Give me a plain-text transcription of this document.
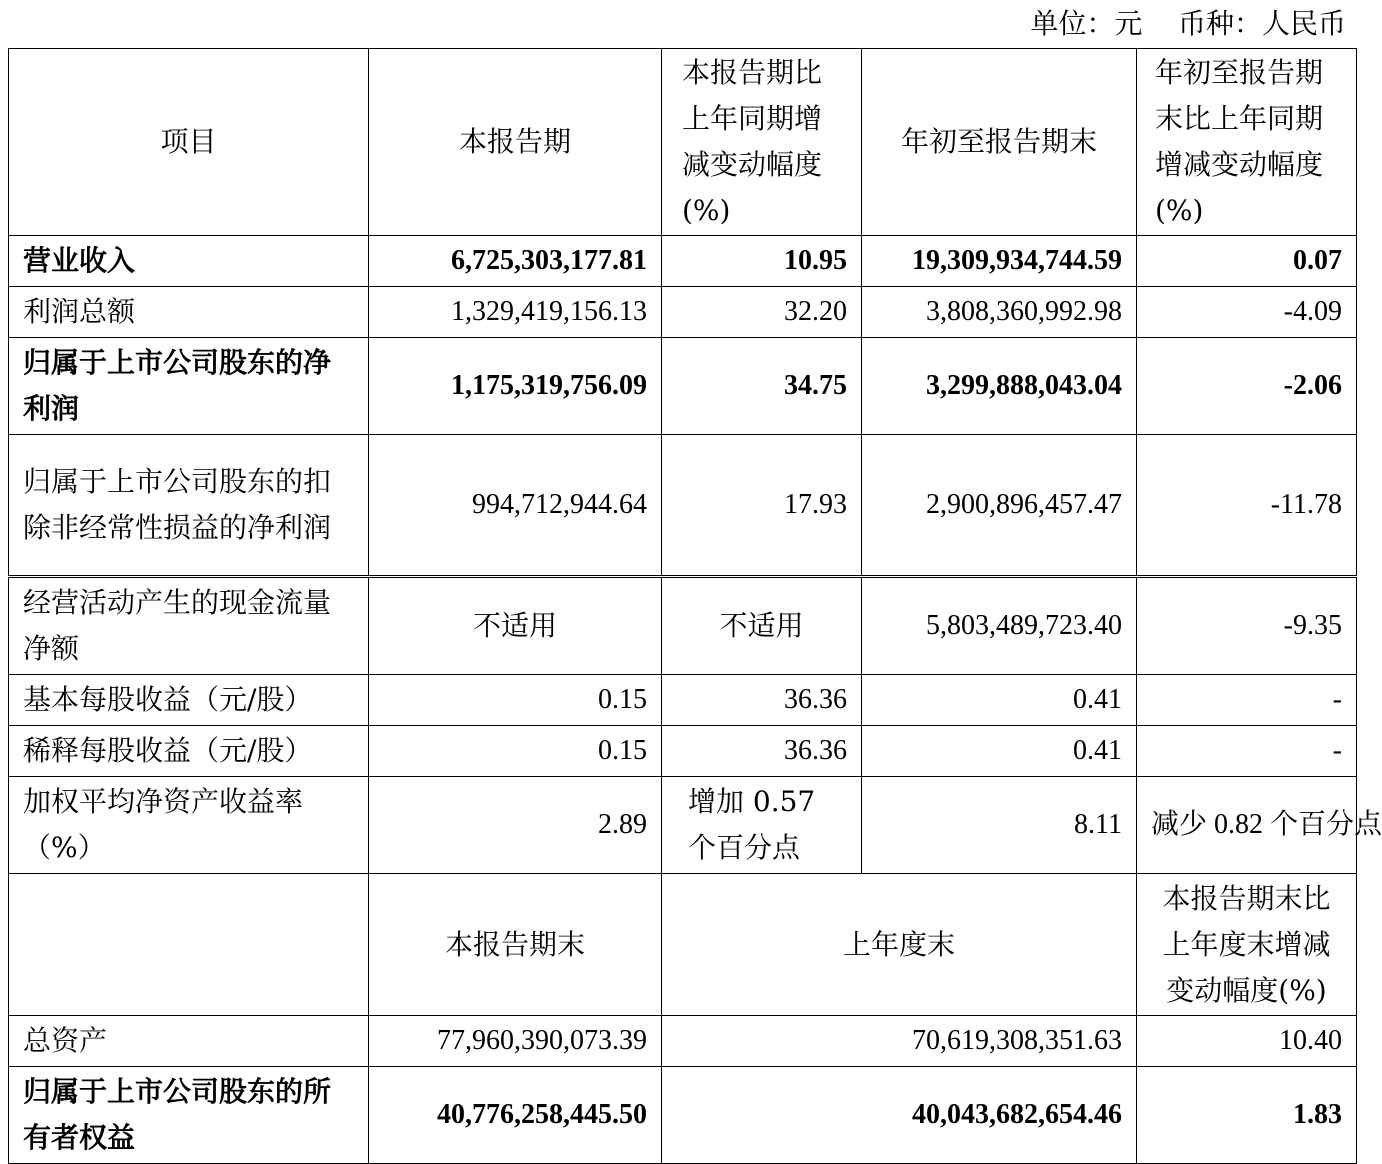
单位：元    币种：人民币
项目	本报告期	本报告期比上年同期增减变动幅度(%)	年初至报告期末	年初至报告期末比上年同期增减变动幅度(%)
营业收入	6,725,303,177.81	10.95	19,309,934,744.59	0.07
利润总额	1,329,419,156.13	32.20	3,808,360,992.98	-4.09
归属于上市公司股东的净利润	1,175,319,756.09	34.75	3,299,888,043.04	-2.06
归属于上市公司股东的扣除非经常性损益的净利润	994,712,944.64	17.93	2,900,896,457.47	-11.78
经营活动产生的现金流量净额	不适用	不适用	5,803,489,723.40	-9.35
基本每股收益（元/股）	0.15	36.36	0.41	-
稀释每股收益（元/股）	0.15	36.36	0.41	-
加权平均净资产收益率（%）	2.89	增加 0.57 个百分点	8.11	减少 0.82 个百分点
	本报告期末	上年度末		本报告期末比上年度末增减变动幅度(%)
总资产	77,960,390,073.39	70,619,308,351.63		10.40
归属于上市公司股东的所有者权益	40,776,258,445.50	40,043,682,654.46		1.83
